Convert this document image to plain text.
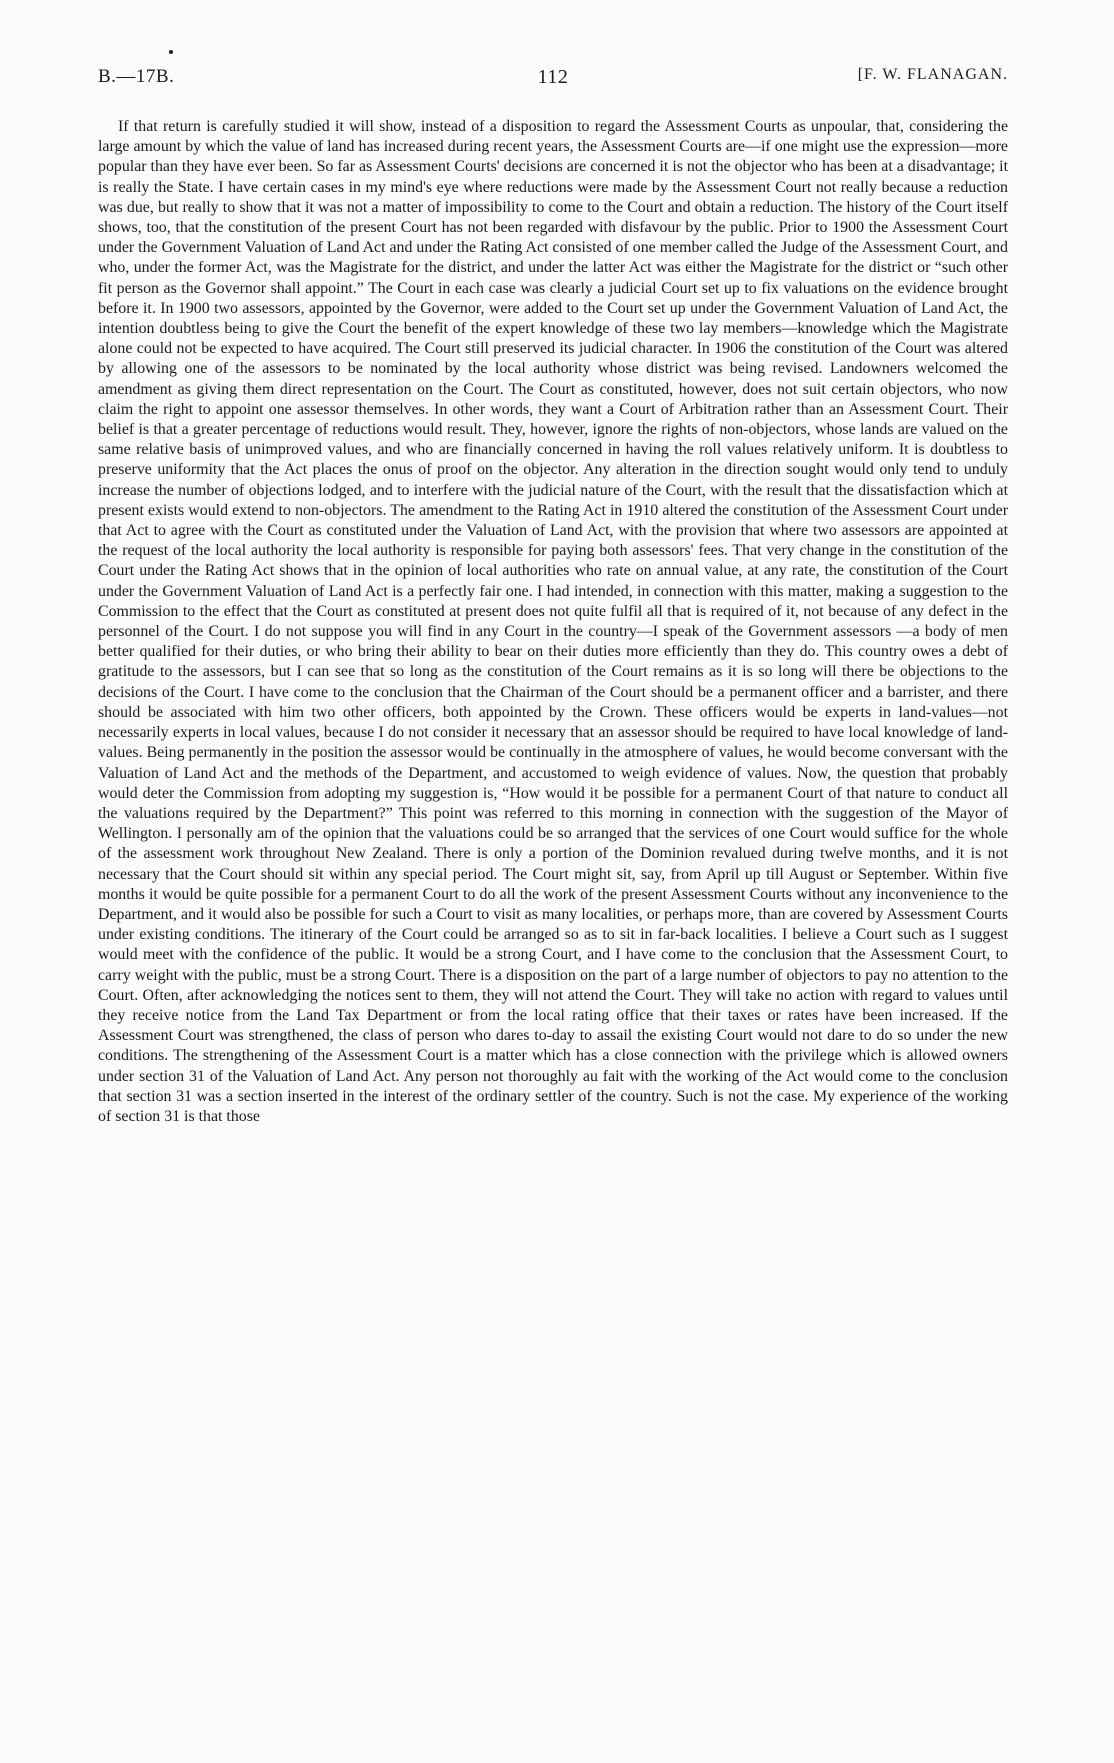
B.—17B.	112	[F. W. FLANAGAN.

If that return is carefully studied it will show, instead of a disposition to regard the Assessment Courts as unpoular, that, considering the large amount by which the value of land has increased during recent years, the Assessment Courts are—if one might use the expression—more popular than they have ever been. So far as Assessment Courts' decisions are concerned it is not the objector who has been at a disadvantage; it is really the State. I have certain cases in my mind's eye where reductions were made by the Assessment Court not really because a reduction was due, but really to show that it was not a matter of impossibility to come to the Court and obtain a reduction. The history of the Court itself shows, too, that the constitution of the present Court has not been regarded with disfavour by the public. Prior to 1900 the Assessment Court under the Government Valuation of Land Act and under the Rating Act consisted of one member called the Judge of the Assessment Court, and who, under the former Act, was the Magistrate for the district, and under the latter Act was either the Magistrate for the district or “such other fit person as the Governor shall appoint.” The Court in each case was clearly a judicial Court set up to fix valuations on the evidence brought before it. In 1900 two assessors, appointed by the Governor, were added to the Court set up under the Government Valuation of Land Act, the intention doubtless being to give the Court the benefit of the expert knowledge of these two lay members—knowledge which the Magistrate alone could not be expected to have acquired. The Court still preserved its judicial character. In 1906 the constitution of the Court was altered by allowing one of the assessors to be nominated by the local authority whose district was being revised. Landowners welcomed the amendment as giving them direct representation on the Court. The Court as constituted, however, does not suit certain objectors, who now claim the right to appoint one assessor themselves. In other words, they want a Court of Arbitration rather than an Assessment Court. Their belief is that a greater percentage of reductions would result. They, however, ignore the rights of non-objectors, whose lands are valued on the same relative basis of unimproved values, and who are financially concerned in having the roll values relatively uniform. It is doubtless to preserve uniformity that the Act places the onus of proof on the objector. Any alteration in the direction sought would only tend to unduly increase the number of objections lodged, and to interfere with the judicial nature of the Court, with the result that the dissatisfaction which at present exists would extend to non-objectors. The amendment to the Rating Act in 1910 altered the constitution of the Assessment Court under that Act to agree with the Court as constituted under the Valuation of Land Act, with the provision that where two assessors are appointed at the request of the local authority the local authority is responsible for paying both assessors' fees. That very change in the constitution of the Court under the Rating Act shows that in the opinion of local authorities who rate on annual value, at any rate, the constitution of the Court under the Government Valuation of Land Act is a perfectly fair one. I had intended, in connection with this matter, making a suggestion to the Commission to the effect that the Court as constituted at present does not quite fulfil all that is required of it, not because of any defect in the personnel of the Court. I do not suppose you will find in any Court in the country—I speak of the Government assessors —a body of men better qualified for their duties, or who bring their ability to bear on their duties more efficiently than they do. This country owes a debt of gratitude to the assessors, but I can see that so long as the constitution of the Court remains as it is so long will there be objections to the decisions of the Court. I have come to the conclusion that the Chairman of the Court should be a permanent officer and a barrister, and there should be associated with him two other officers, both appointed by the Crown. These officers would be experts in land-values—not necessarily experts in local values, because I do not consider it necessary that an assessor should be required to have local knowledge of land-values. Being permanently in the position the assessor would be continually in the atmosphere of values, he would become conversant with the Valuation of Land Act and the methods of the Department, and accustomed to weigh evidence of values. Now, the question that probably would deter the Commission from adopting my suggestion is, “How would it be possible for a permanent Court of that nature to conduct all the valuations required by the Department?” This point was referred to this morning in connection with the suggestion of the Mayor of Wellington. I personally am of the opinion that the valuations could be so arranged that the services of one Court would suffice for the whole of the assessment work throughout New Zealand. There is only a portion of the Dominion revalued during twelve months, and it is not necessary that the Court should sit within any special period. The Court might sit, say, from April up till August or September. Within five months it would be quite possible for a permanent Court to do all the work of the present Assessment Courts without any inconvenience to the Department, and it would also be possible for such a Court to visit as many localities, or perhaps more, than are covered by Assessment Courts under existing conditions. The itinerary of the Court could be arranged so as to sit in far-back localities. I believe a Court such as I suggest would meet with the confidence of the public. It would be a strong Court, and I have come to the conclusion that the Assessment Court, to carry weight with the public, must be a strong Court. There is a disposition on the part of a large number of objectors to pay no attention to the Court. Often, after acknowledging the notices sent to them, they will not attend the Court. They will take no action with regard to values until they receive notice from the Land Tax Department or from the local rating office that their taxes or rates have been increased. If the Assessment Court was strengthened, the class of person who dares to-day to assail the existing Court would not dare to do so under the new conditions. The strengthening of the Assessment Court is a matter which has a close connection with the privilege which is allowed owners under section 31 of the Valuation of Land Act. Any person not thoroughly au fait with the working of the Act would come to the conclusion that section 31 was a section inserted in the interest of the ordinary settler of the country. Such is not the case. My experience of the working of section 31 is that those
